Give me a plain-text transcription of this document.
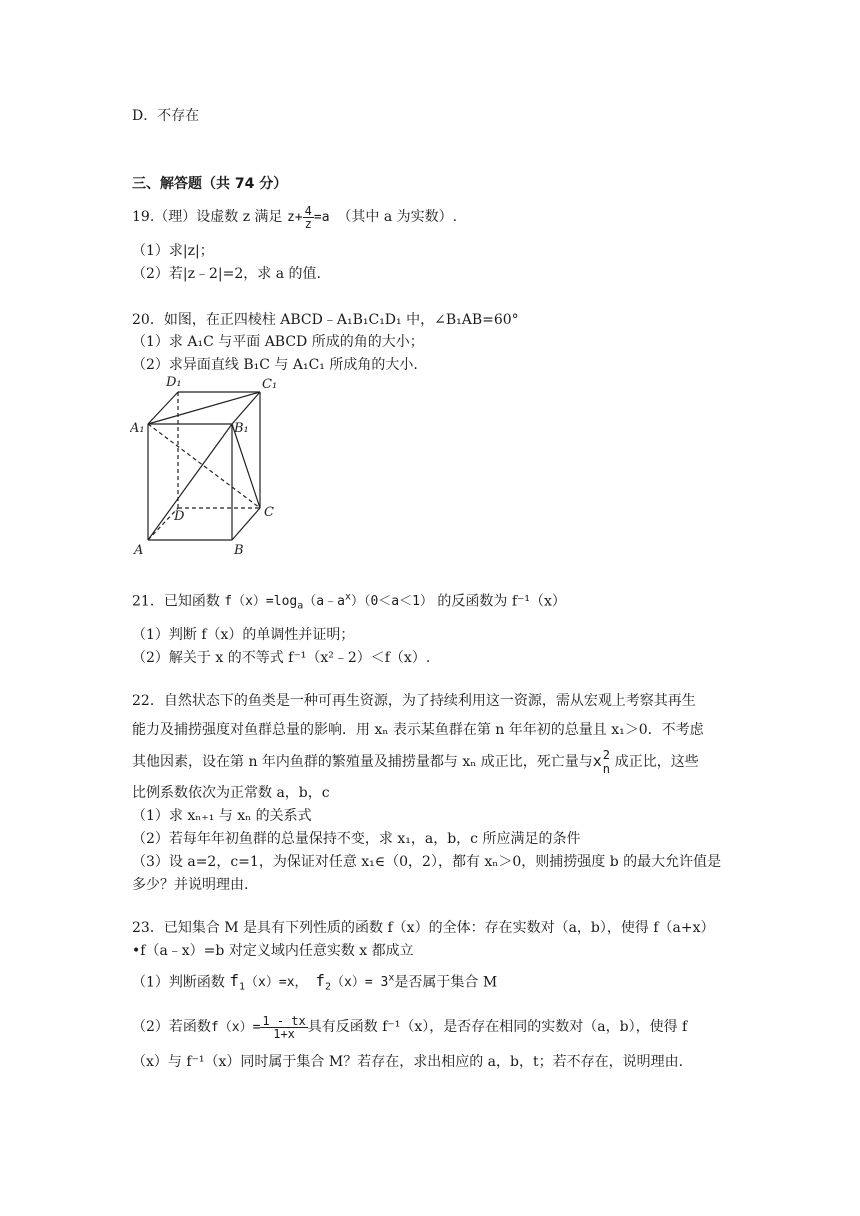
D．不存在
三、解答题（共 74 分）
19.（理）设虚数 z 满足 $z+ \frac{4}{z} =a$ （其中 a 为实数）.
（1）求|z|；
（2）若|z﹣2|=2，求 a 的值.
20．如图，在正四棱柱 ABCD﹣A₁B₁C₁D₁ 中，∠B₁AB=60°
（1）求 A₁C 与平面 ABCD 所成的角的大小；
（2）求异面直线 B₁C 与 A₁C₁ 所成角的大小.
D₁	C₁
A₁	B₁
D	C
A	B
21．已知函数 $f(x)=\log_a(a﹣a^x)(0<a<1)$ 的反函数为 f⁻¹（x）
（1）判断 f（x）的单调性并证明；
（2）解关于 x 的不等式 f⁻¹（x²﹣2）＜f（x）.
22．自然状态下的鱼类是一种可再生资源，为了持续利用这一资源，需从宏观上考察其再生
能力及捕捞强度对鱼群总量的影响．用 xₙ 表示某鱼群在第 n 年年初的总量且 x₁＞0．不考虑
其他因素，设在第 n 年内鱼群的繁殖量及捕捞量都与 xₙ 成正比，死亡量与x 2
n 成正比，这些
比例系数依次为正常数 a，b，c
（1）求 xₙ₊₁ 与 xₙ 的关系式
（2）若每年年初鱼群的总量保持不变，求 x₁，a，b，c 所应满足的条件
（3）设 a=2，c=1，为保证对任意 x₁∈（0，2），都有 xₙ＞0，则捕捞强度 b 的最大允许值是
多少？并说明理由.
23．已知集合 M 是具有下列性质的函数 f（x）的全体：存在实数对（a，b），使得 f（a+x）
•f（a﹣x）=b 对定义域内任意实数 x 都成立
（1）判断函数 $f_1(x)=x$， $f_2(x)= 3^x$是否属于集合 M
（2）若函数$f(x)= \frac{1 - tx}{1+x}$ 具有反函数 f⁻¹（x），是否存在相同的实数对（a，b），使得 f
（x）与 f⁻¹（x）同时属于集合 M？若存在，求出相应的 a，b，t；若不存在，说明理由.
